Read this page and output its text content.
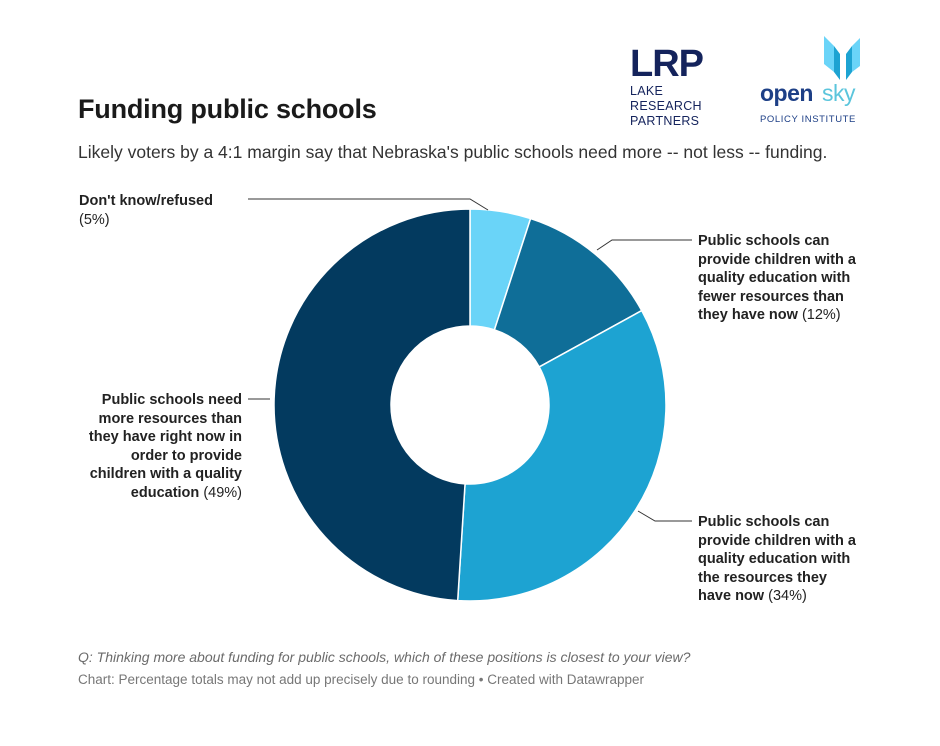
Funding public schools

Likely voters by a 4:1 margin say that Nebraska's public schools need more -- not less -- funding.

LRP
LAKE
RESEARCH
PARTNERS
open sky
POLICY INSTITUTE
Don't know/refused
(5%)
Public schools can
provide children with a
quality education with
fewer resources than
they have now (12%)
Public schools can
provide children with a
quality education with
the resources they
have now (34%)
Public schools need
more resources than
they have right now in
order to provide
children with a quality
education (49%)
Q: Thinking more about funding for public schools, which of these positions is closest to your view?
Chart: Percentage totals may not add up precisely due to rounding • Created with Datawrapper
